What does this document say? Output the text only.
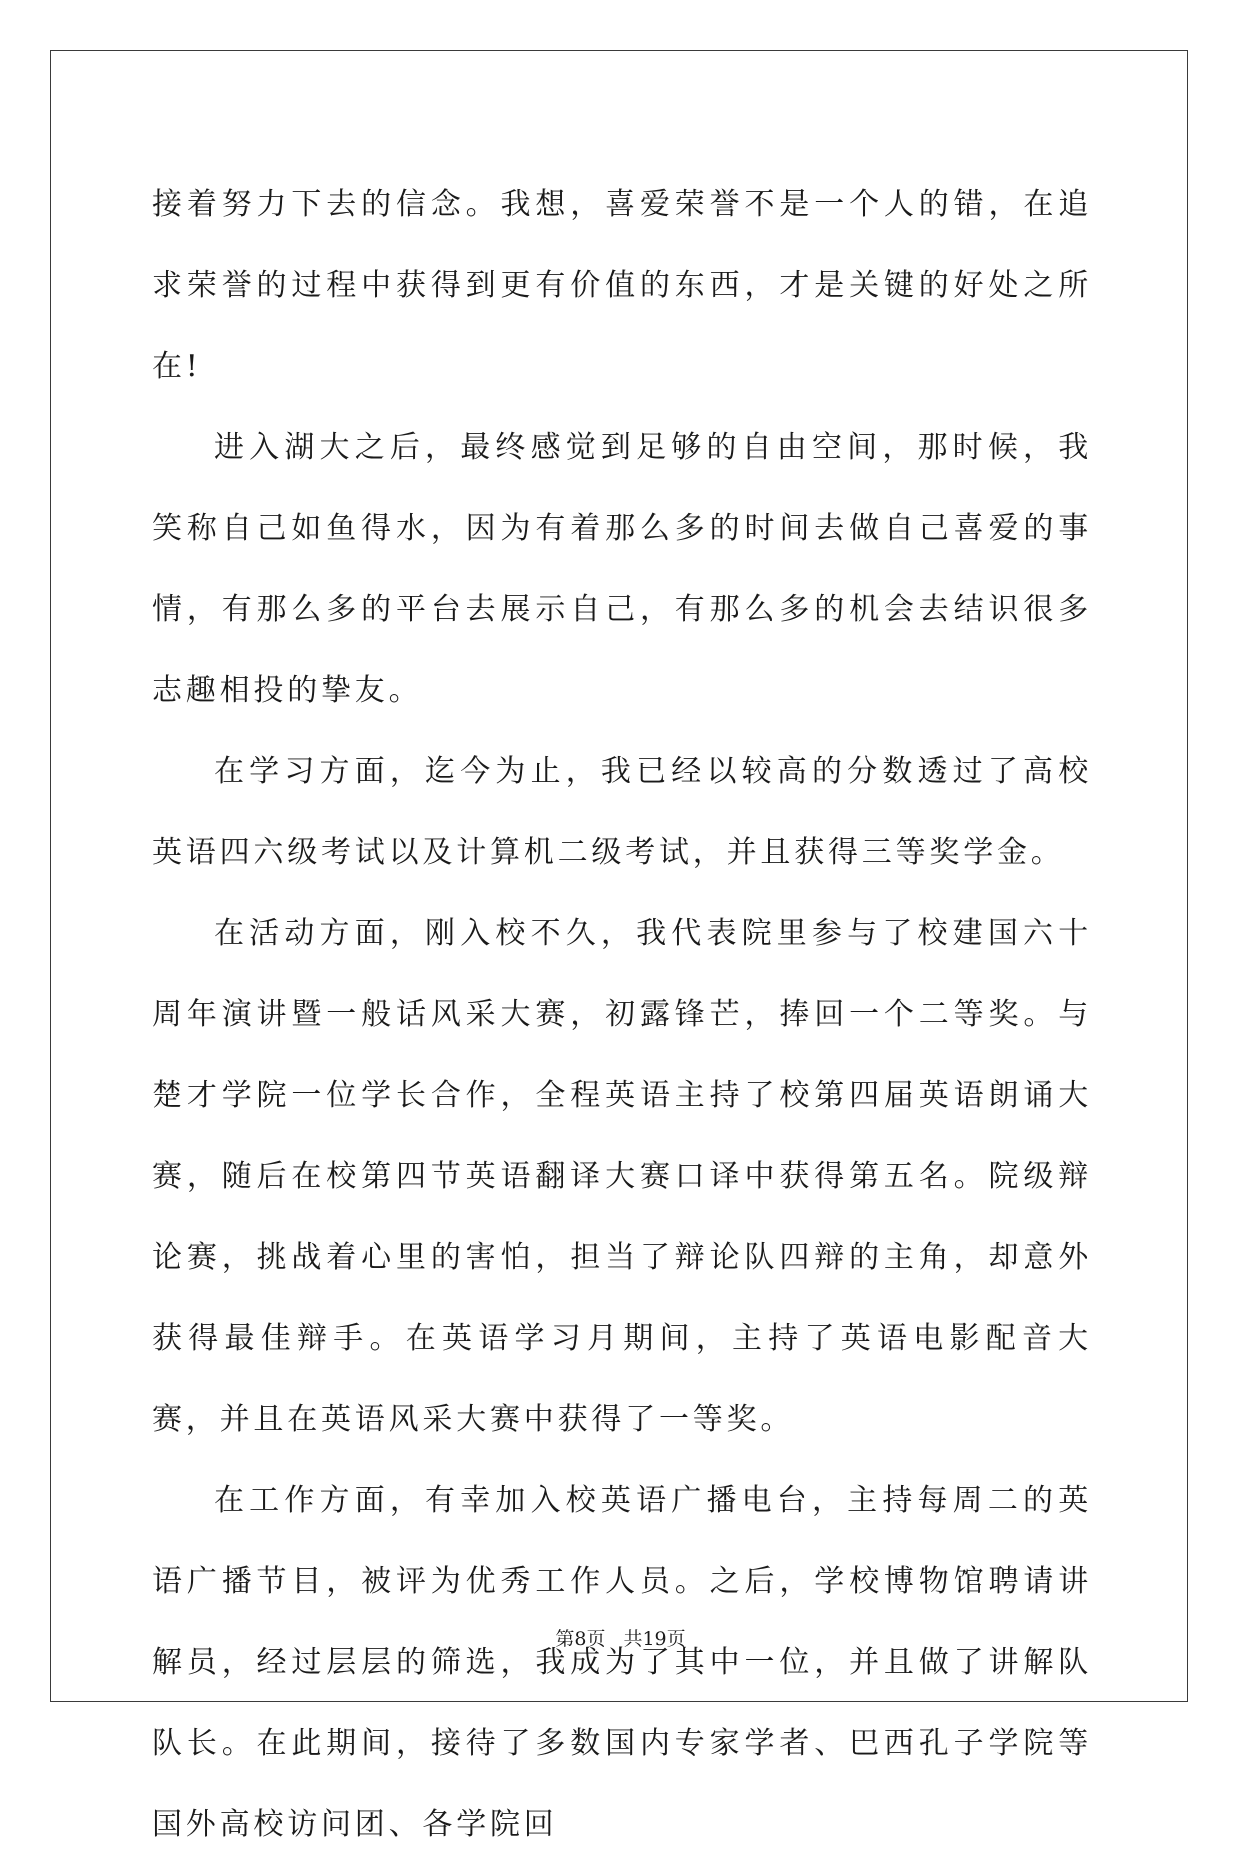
接着努力下去的信念。我想，喜爱荣誉不是一个人的错，在追求荣誉的过程中获得到更有价值的东西，才是关键的好处之所在!

进入湖大之后，最终感觉到足够的自由空间，那时候，我笑称自己如鱼得水，因为有着那么多的时间去做自己喜爱的事情，有那么多的平台去展示自己，有那么多的机会去结识很多志趣相投的挚友。

在学习方面，迄今为止，我已经以较高的分数透过了高校英语四六级考试以及计算机二级考试，并且获得三等奖学金。

在活动方面，刚入校不久，我代表院里参与了校建国六十周年演讲暨一般话风采大赛，初露锋芒，捧回一个二等奖。与楚才学院一位学长合作，全程英语主持了校第四届英语朗诵大赛，随后在校第四节英语翻译大赛口译中获得第五名。院级辩论赛，挑战着心里的害怕，担当了辩论队四辩的主角，却意外获得最佳辩手。在英语学习月期间，主持了英语电影配音大赛，并且在英语风采大赛中获得了一等奖。

在工作方面，有幸加入校英语广播电台，主持每周二的英语广播节目，被评为优秀工作人员。之后，学校博物馆聘请讲解员，经过层层的筛选，我成为了其中一位，并且做了讲解队队长。在此期间，接待了多数国内专家学者、巴西孔子学院等国外高校访问团、各学院回

第8页 共19页
